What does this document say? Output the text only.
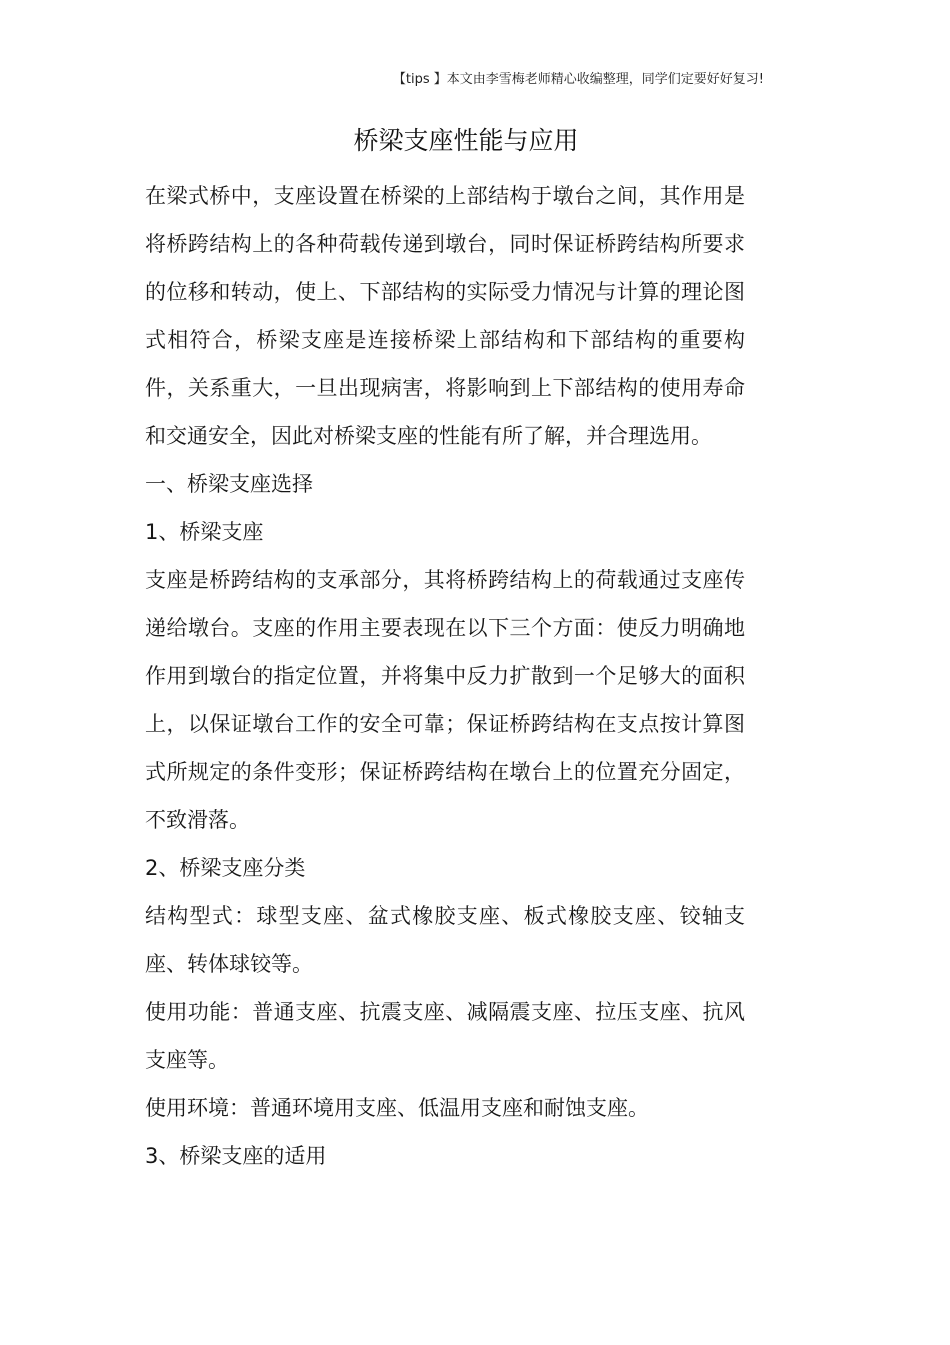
【tips 】本文由李雪梅老师精心收编整理，同学们定要好好复习!
桥梁支座性能与应用

在梁式桥中，支座设置在桥梁的上部结构于墩台之间，其作用是将桥跨结构上的各种荷载传递到墩台，同时保证桥跨结构所要求的位移和转动，使上、下部结构的实际受力情况与计算的理论图式相符合，桥梁支座是连接桥梁上部结构和下部结构的重要构件，关系重大，一旦出现病害，将影响到上下部结构的使用寿命和交通安全，因此对桥梁支座的性能有所了解，并合理选用。

一、桥梁支座选择

1、桥梁支座

支座是桥跨结构的支承部分，其将桥跨结构上的荷载通过支座传递给墩台。支座的作用主要表现在以下三个方面：使反力明确地作用到墩台的指定位置，并将集中反力扩散到一个足够大的面积上，以保证墩台工作的安全可靠；保证桥跨结构在支点按计算图式所规定的条件变形；保证桥跨结构在墩台上的位置充分固定，不致滑落。

2、桥梁支座分类

结构型式：球型支座、盆式橡胶支座、板式橡胶支座、铰轴支座、转体球铰等。

使用功能：普通支座、抗震支座、减隔震支座、拉压支座、抗风支座等。

使用环境：普通环境用支座、低温用支座和耐蚀支座。

3、桥梁支座的适用
